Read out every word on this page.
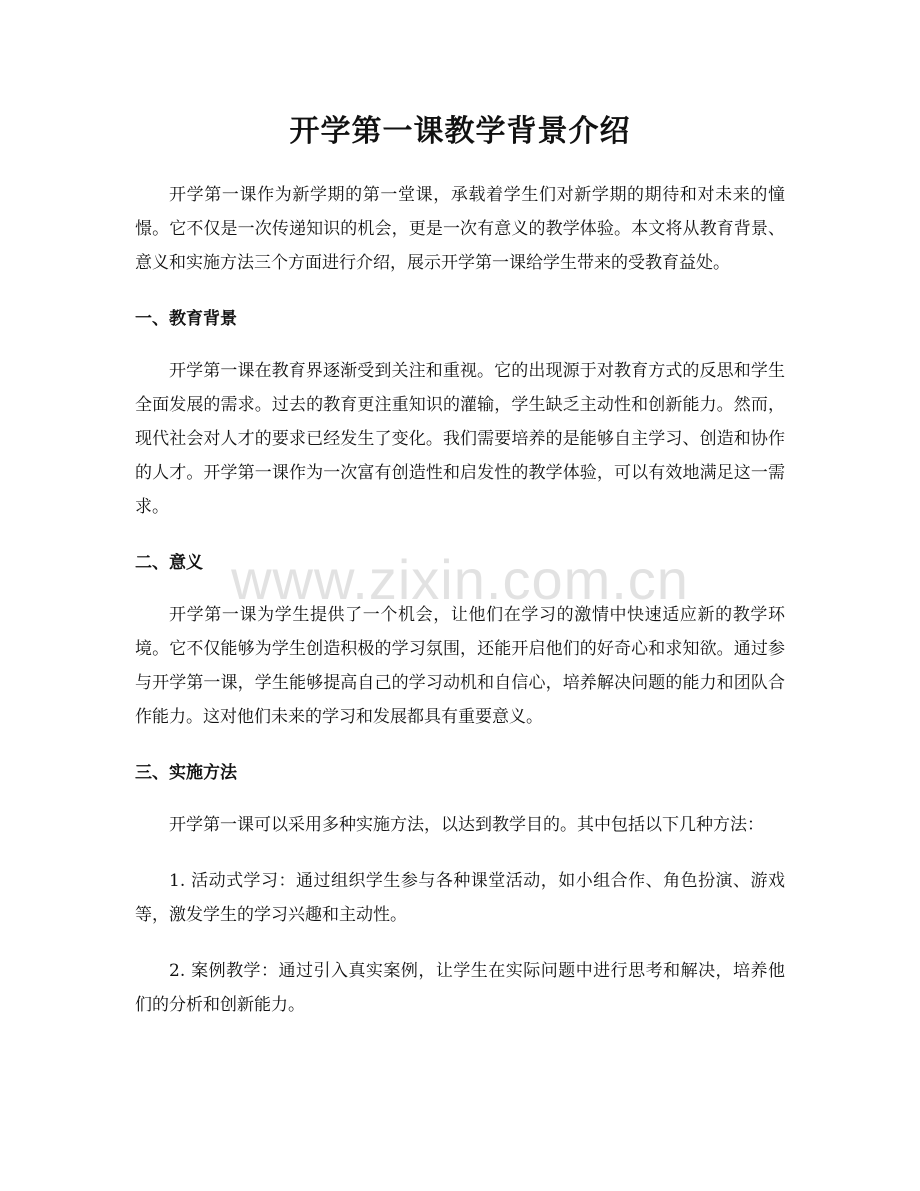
开学第一课教学背景介绍

开学第一课作为新学期的第一堂课，承载着学生们对新学期的期待和对未来的憧憬。它不仅是一次传递知识的机会，更是一次有意义的教学体验。本文将从教育背景、意义和实施方法三个方面进行介绍，展示开学第一课给学生带来的受教育益处。

一、教育背景

开学第一课在教育界逐渐受到关注和重视。它的出现源于对教育方式的反思和学生全面发展的需求。过去的教育更注重知识的灌输，学生缺乏主动性和创新能力。然而，现代社会对人才的要求已经发生了变化。我们需要培养的是能够自主学习、创造和协作的人才。开学第一课作为一次富有创造性和启发性的教学体验，可以有效地满足这一需求。

二、意义

开学第一课为学生提供了一个机会，让他们在学习的激情中快速适应新的教学环境。它不仅能够为学生创造积极的学习氛围，还能开启他们的好奇心和求知欲。通过参与开学第一课，学生能够提高自己的学习动机和自信心，培养解决问题的能力和团队合作能力。这对他们未来的学习和发展都具有重要意义。

三、实施方法

开学第一课可以采用多种实施方法，以达到教学目的。其中包括以下几种方法：

1. 活动式学习：通过组织学生参与各种课堂活动，如小组合作、角色扮演、游戏等，激发学生的学习兴趣和主动性。

2. 案例教学：通过引入真实案例，让学生在实际问题中进行思考和解决，培养他们的分析和创新能力。

www.zixin.com.cn
